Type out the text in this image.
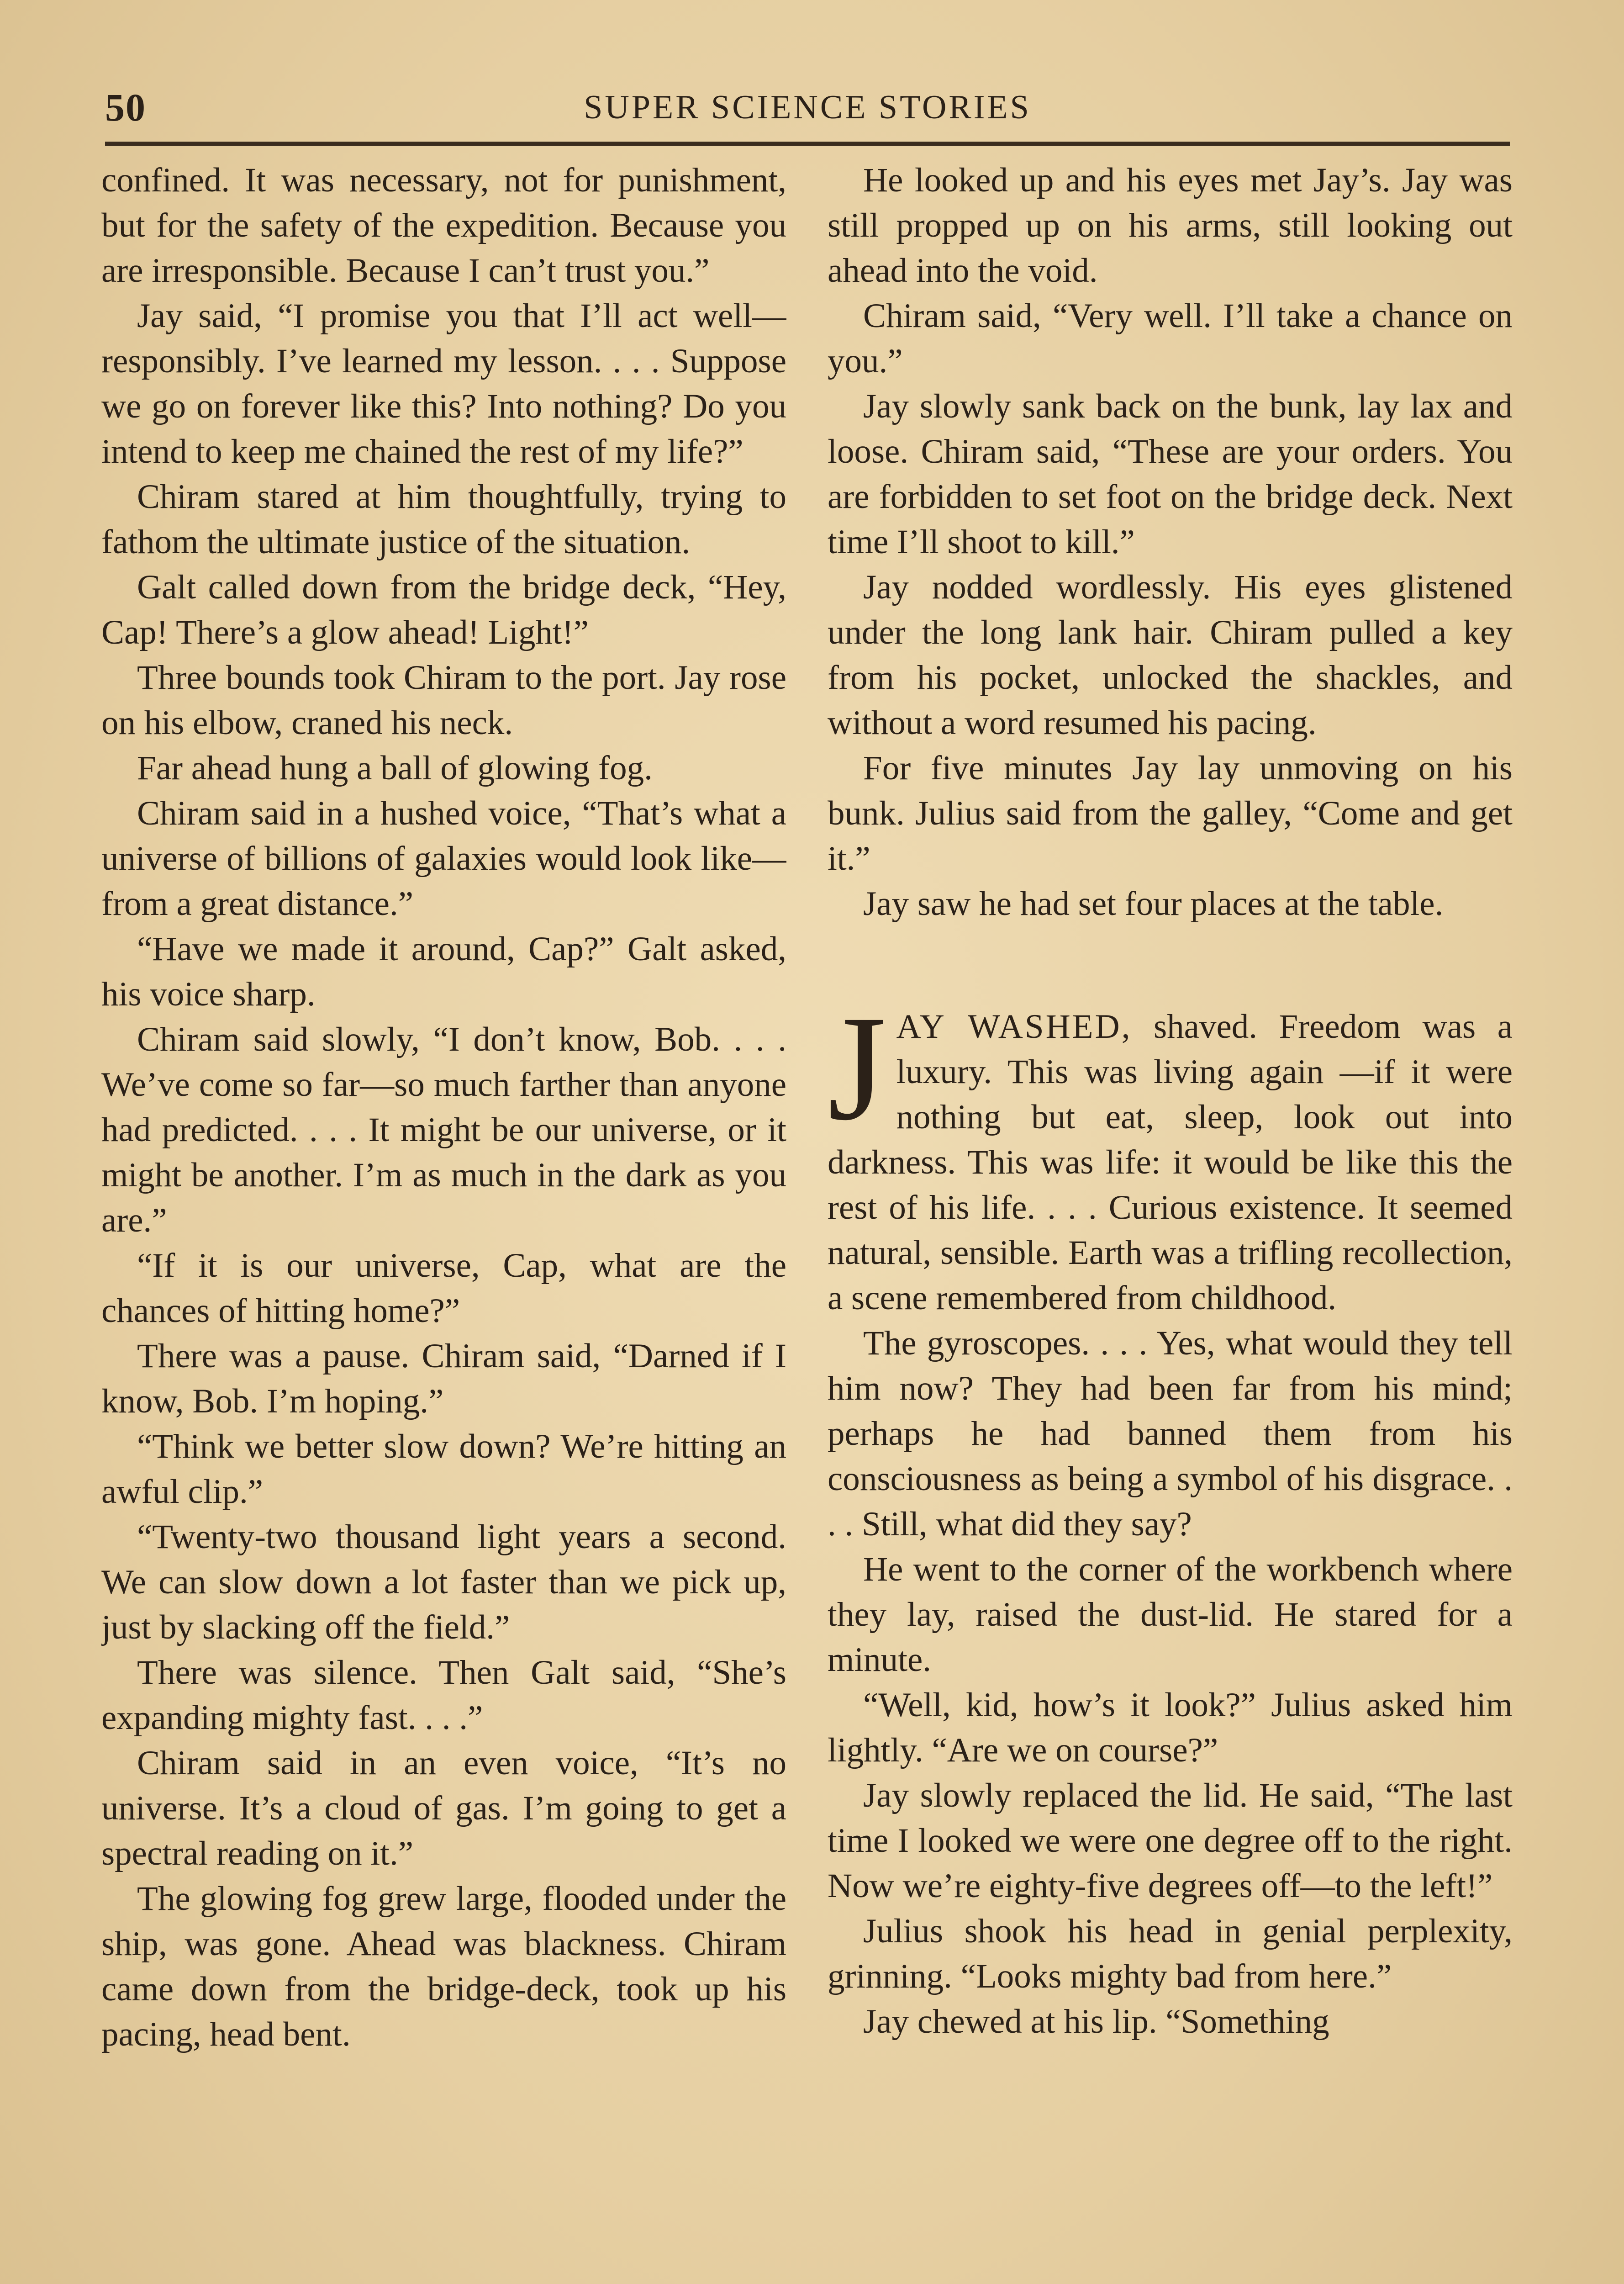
50	SUPER SCIENCE STORIES

confined. It was necessary, not for punishment, but for the safety of the expedition. Because you are irresponsible. Because I can’t trust you.”

Jay said, “I promise you that I’ll act well—responsibly. I’ve learned my lesson. . . . Suppose we go on forever like this? Into nothing? Do you intend to keep me chained the rest of my life?”

Chiram stared at him thoughtfully, trying to fathom the ultimate justice of the situation.

Galt called down from the bridge deck, “Hey, Cap! There’s a glow ahead! Light!”

Three bounds took Chiram to the port. Jay rose on his elbow, craned his neck.

Far ahead hung a ball of glowing fog.

Chiram said in a hushed voice, “That’s what a universe of billions of galaxies would look like—from a great distance.”

“Have we made it around, Cap?” Galt asked, his voice sharp.

Chiram said slowly, “I don’t know, Bob. . . . We’ve come so far—so much farther than anyone had predicted. . . . It might be our universe, or it might be another. I’m as much in the dark as you are.”

“If it is our universe, Cap, what are the chances of hitting home?”

There was a pause. Chiram said, “Darned if I know, Bob. I’m hoping.”

“Think we better slow down? We’re hitting an awful clip.”

“Twenty-two thousand light years a second. We can slow down a lot faster than we pick up, just by slacking off the field.”

There was silence. Then Galt said, “She’s expanding mighty fast. . . .”

Chiram said in an even voice, “It’s no universe. It’s a cloud of gas. I’m going to get a spectral reading on it.”

The glowing fog grew large, flooded under the ship, was gone. Ahead was blackness. Chiram came down from the bridge-deck, took up his pacing, head bent.

He looked up and his eyes met Jay’s. Jay was still propped up on his arms, still looking out ahead into the void.

Chiram said, “Very well. I’ll take a chance on you.”

Jay slowly sank back on the bunk, lay lax and loose. Chiram said, “These are your orders. You are forbidden to set foot on the bridge deck. Next time I’ll shoot to kill.”

Jay nodded wordlessly. His eyes glistened under the long lank hair. Chiram pulled a key from his pocket, unlocked the shackles, and without a word resumed his pacing.

For five minutes Jay lay unmoving on his bunk. Julius said from the galley, “Come and get it.”

Jay saw he had set four places at the table.

JAY WASHED, shaved. Freedom was a luxury. This was living again —if it were nothing but eat, sleep, look out into darkness. This was life: it would be like this the rest of his life. . . . Curious existence. It seemed natural, sensible. Earth was a trifling recollection, a scene remembered from childhood.

The gyroscopes. . . . Yes, what would they tell him now? They had been far from his mind; perhaps he had banned them from his consciousness as being a symbol of his disgrace. . . . Still, what did they say?

He went to the corner of the workbench where they lay, raised the dust-lid. He stared for a minute.

“Well, kid, how’s it look?” Julius asked him lightly. “Are we on course?”

Jay slowly replaced the lid. He said, “The last time I looked we were one degree off to the right. Now we’re eighty-five degrees off—to the left!”

Julius shook his head in genial perplexity, grinning. “Looks mighty bad from here.”

Jay chewed at his lip. “Something
